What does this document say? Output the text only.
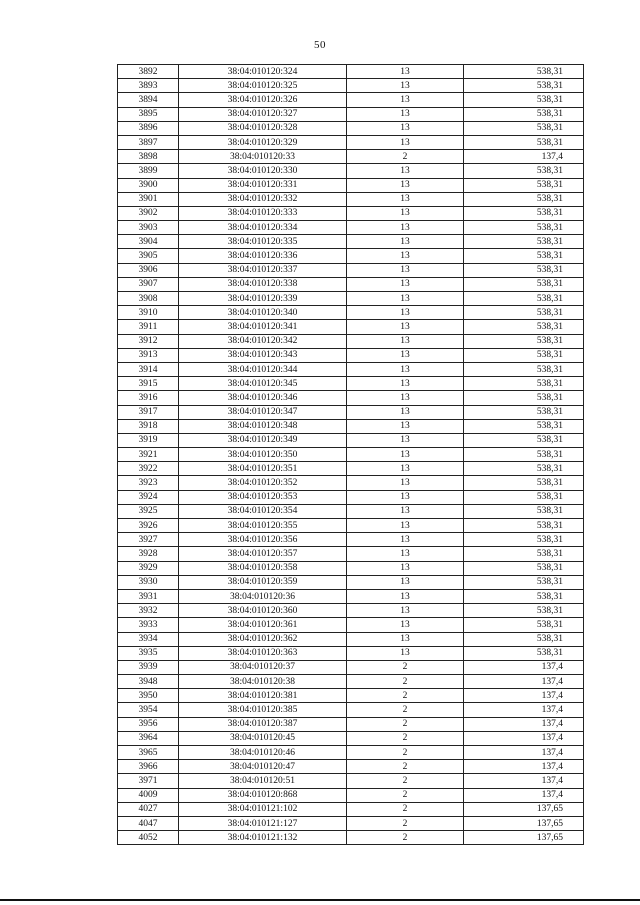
50
3892	38:04:010120:324	13	538,31
3893	38:04:010120:325	13	538,31
3894	38:04:010120:326	13	538,31
3895	38:04:010120:327	13	538,31
3896	38:04:010120:328	13	538,31
3897	38:04:010120:329	13	538,31
3898	38:04:010120:33	2	137,4
3899	38:04:010120:330	13	538,31
3900	38:04:010120:331	13	538,31
3901	38:04:010120:332	13	538,31
3902	38:04:010120:333	13	538,31
3903	38:04:010120:334	13	538,31
3904	38:04:010120:335	13	538,31
3905	38:04:010120:336	13	538,31
3906	38:04:010120:337	13	538,31
3907	38:04:010120:338	13	538,31
3908	38:04:010120:339	13	538,31
3910	38:04:010120:340	13	538,31
3911	38:04:010120:341	13	538,31
3912	38:04:010120:342	13	538,31
3913	38:04:010120:343	13	538,31
3914	38:04:010120:344	13	538,31
3915	38:04:010120:345	13	538,31
3916	38:04:010120:346	13	538,31
3917	38:04:010120:347	13	538,31
3918	38:04:010120:348	13	538,31
3919	38:04:010120:349	13	538,31
3921	38:04:010120:350	13	538,31
3922	38:04:010120:351	13	538,31
3923	38:04:010120:352	13	538,31
3924	38:04:010120:353	13	538,31
3925	38:04:010120:354	13	538,31
3926	38:04:010120:355	13	538,31
3927	38:04:010120:356	13	538,31
3928	38:04:010120:357	13	538,31
3929	38:04:010120:358	13	538,31
3930	38:04:010120:359	13	538,31
3931	38:04:010120:36	13	538,31
3932	38:04:010120:360	13	538,31
3933	38:04:010120:361	13	538,31
3934	38:04:010120:362	13	538,31
3935	38:04:010120:363	13	538,31
3939	38:04:010120:37	2	137,4
3948	38:04:010120:38	2	137,4
3950	38:04:010120:381	2	137,4
3954	38:04:010120:385	2	137,4
3956	38:04:010120:387	2	137,4
3964	38:04:010120:45	2	137,4
3965	38:04:010120:46	2	137,4
3966	38:04:010120:47	2	137,4
3971	38:04:010120:51	2	137,4
4009	38:04:010120:868	2	137,4
4027	38:04:010121:102	2	137,65
4047	38:04:010121:127	2	137,65
4052	38:04:010121:132	2	137,65
